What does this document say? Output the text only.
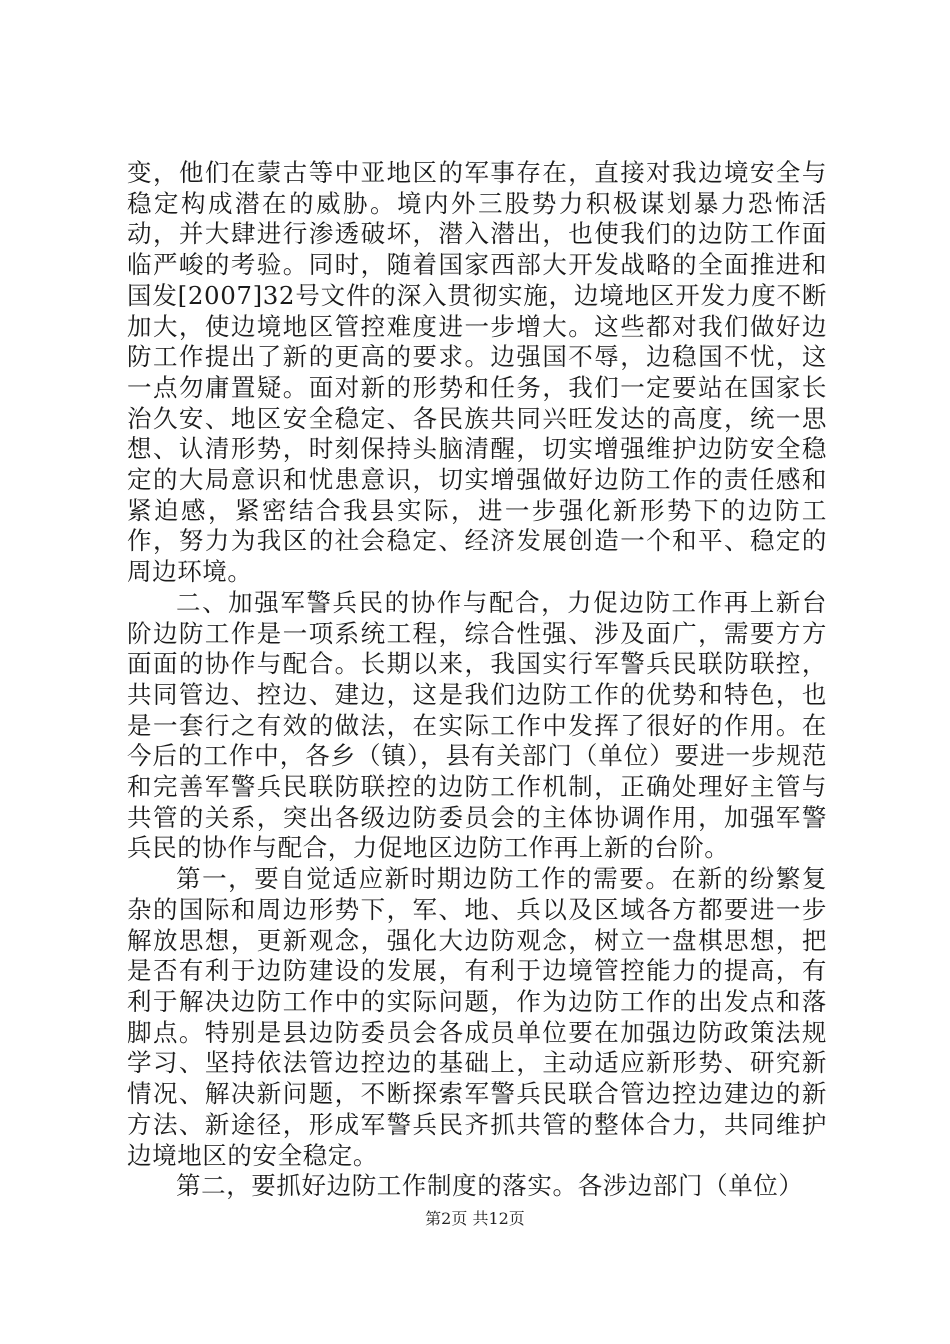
变，他们在蒙古等中亚地区的军事存在，直接对我边境安全与稳定构成潜在的威胁。境内外三股势力积极谋划暴力恐怖活动，并大肆进行渗透破坏，潜入潜出，也使我们的边防工作面临严峻的考验。同时，随着国家西部大开发战略的全面推进和国发[2007]32号文件的深入贯彻实施，边境地区开发力度不断加大，使边境地区管控难度进一步增大。这些都对我们做好边防工作提出了新的更高的要求。边强国不辱，边稳国不忧，这一点勿庸置疑。面对新的形势和任务，我们一定要站在国家长治久安、地区安全稳定、各民族共同兴旺发达的高度，统一思想、认清形势，时刻保持头脑清醒，切实增强维护边防安全稳定的大局意识和忧患意识，切实增强做好边防工作的责任感和紧迫感，紧密结合我县实际，进一步强化新形势下的边防工作，努力为我区的社会稳定、经济发展创造一个和平、稳定的周边环境。

二、加强军警兵民的协作与配合，力促边防工作再上新台阶边防工作是一项系统工程，综合性强、涉及面广，需要方方面面的协作与配合。长期以来，我国实行军警兵民联防联控，共同管边、控边、建边，这是我们边防工作的优势和特色，也是一套行之有效的做法，在实际工作中发挥了很好的作用。在今后的工作中，各乡（镇），县有关部门（单位）要进一步规范和完善军警兵民联防联控的边防工作机制，正确处理好主管与共管的关系，突出各级边防委员会的主体协调作用，加强军警兵民的协作与配合，力促地区边防工作再上新的台阶。

第一，要自觉适应新时期边防工作的需要。在新的纷繁复杂的国际和周边形势下，军、地、兵以及区域各方都要进一步解放思想，更新观念，强化大边防观念，树立一盘棋思想，把是否有利于边防建设的发展，有利于边境管控能力的提高，有利于解决边防工作中的实际问题，作为边防工作的出发点和落脚点。特别是县边防委员会各成员单位要在加强边防政策法规学习、坚持依法管边控边的基础上，主动适应新形势、研究新情况、解决新问题，不断探索军警兵民联合管边控边建边的新方法、新途径，形成军警兵民齐抓共管的整体合力，共同维护边境地区的安全稳定。

第二，要抓好边防工作制度的落实。各涉边部门（单位）

第2页 共12页
